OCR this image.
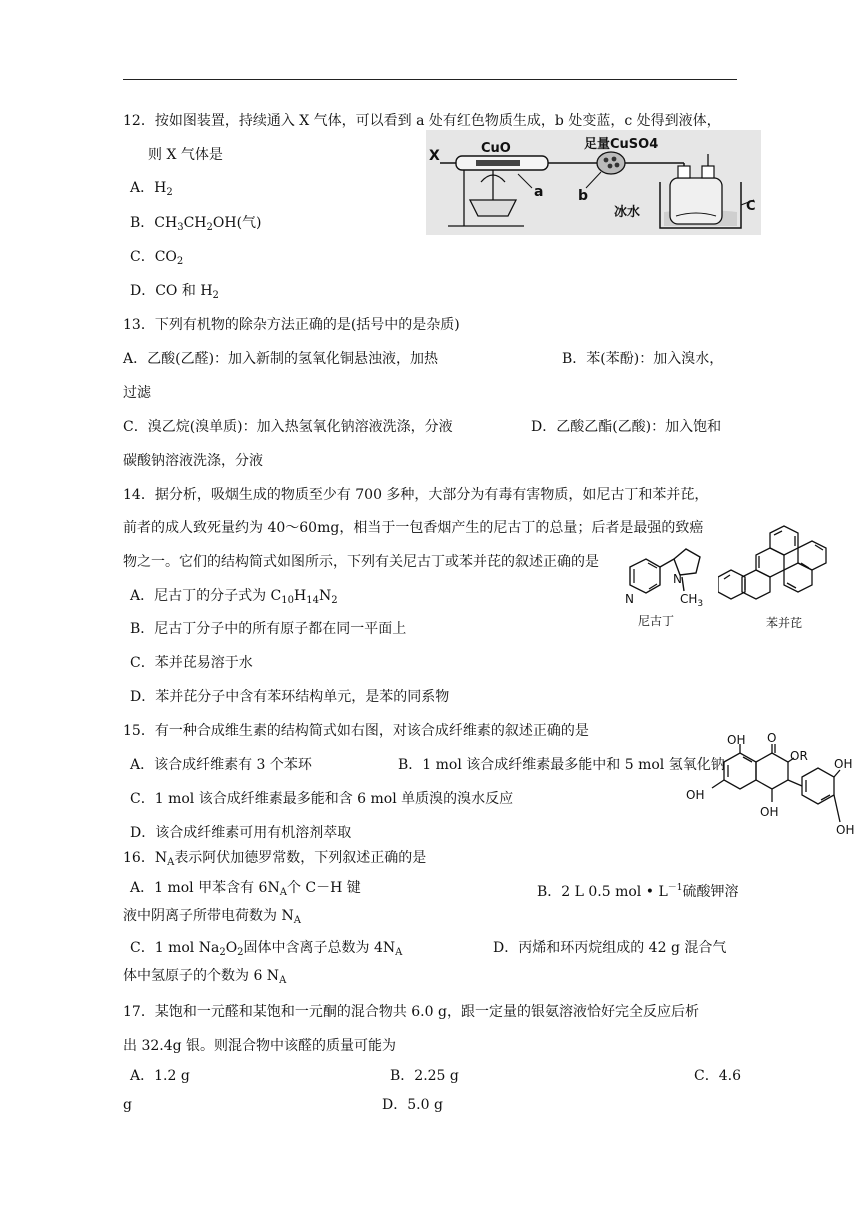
12．按如图装置，持续通入 X 气体，可以看到 a 处有红色物质生成，b 处变蓝，c 处得到液体，
则 X 气体是
A．$H_2$
B．$CH_3CH_2OH$(气)
C．$CO_2$
D．CO 和 $H_2$
X	CuO	足量CuSO4
a b
冰水	C
13．下列有机物的除杂方法正确的是(括号中的是杂质)
A．乙酸(乙醛)：加入新制的氢氧化铜悬浊液，加热	B．苯(苯酚)：加入溴水，
过滤
C．溴乙烷(溴单质)：加入热氢氧化钠溶液洗涤，分液	D．乙酸乙酯(乙酸)：加入饱和
碳酸钠溶液洗涤，分液
14．据分析，吸烟生成的物质至少有 700 多种，大部分为有毒有害物质，如尼古丁和苯并芘，
前者的成人致死量约为 40～60mg，相当于一包香烟产生的尼古丁的总量；后者是最强的致癌
物之一。它们的结构简式如图所示，下列有关尼古丁或苯并芘的叙述正确的是
A．尼古丁的分子式为 $C_{10}H_{14}N_2$
B．尼古丁分子中的所有原子都在同一平面上
C．苯并芘易溶于水
D．苯并芘分子中含有苯环结构单元，是苯的同系物
N
N
$CH_3$
尼古丁	苯并芘
15．有一种合成维生素的结构简式如右图，对该合成纤维素的叙述正确的是
A．该合成纤维素有 3 个苯环	B．1 mol 该合成纤维素最多能中和 5 mol 氢氧化钠
C．1 mol 该合成纤维素最多能和含 6 mol 单质溴的溴水反应
D．该合成纤维素可用有机溶剂萃取
OH O
OR
OH
OH
OH
OH
16．$N_A$表示阿伏加德罗常数，下列叙述正确的是
A．1 mol 甲苯含有 $6N_A$个 C－H 键	B．2 L 0.5 mol • $L^{-1}$硫酸钾溶
液中阴离子所带电荷数为 $N_A$
C．1 mol $Na_2O_2$固体中含离子总数为 $4N_A$	D．丙烯和环丙烷组成的 42 g 混合气
体中氢原子的个数为 6 $N_A$
17．某饱和一元醛和某饱和一元酮的混合物共 6.0 g，跟一定量的银氨溶液恰好完全反应后析
出 32.4g 银。则混合物中该醛的质量可能为
A．1.2 g	B．2.25 g	C．4.6
g	D．5.0 g
